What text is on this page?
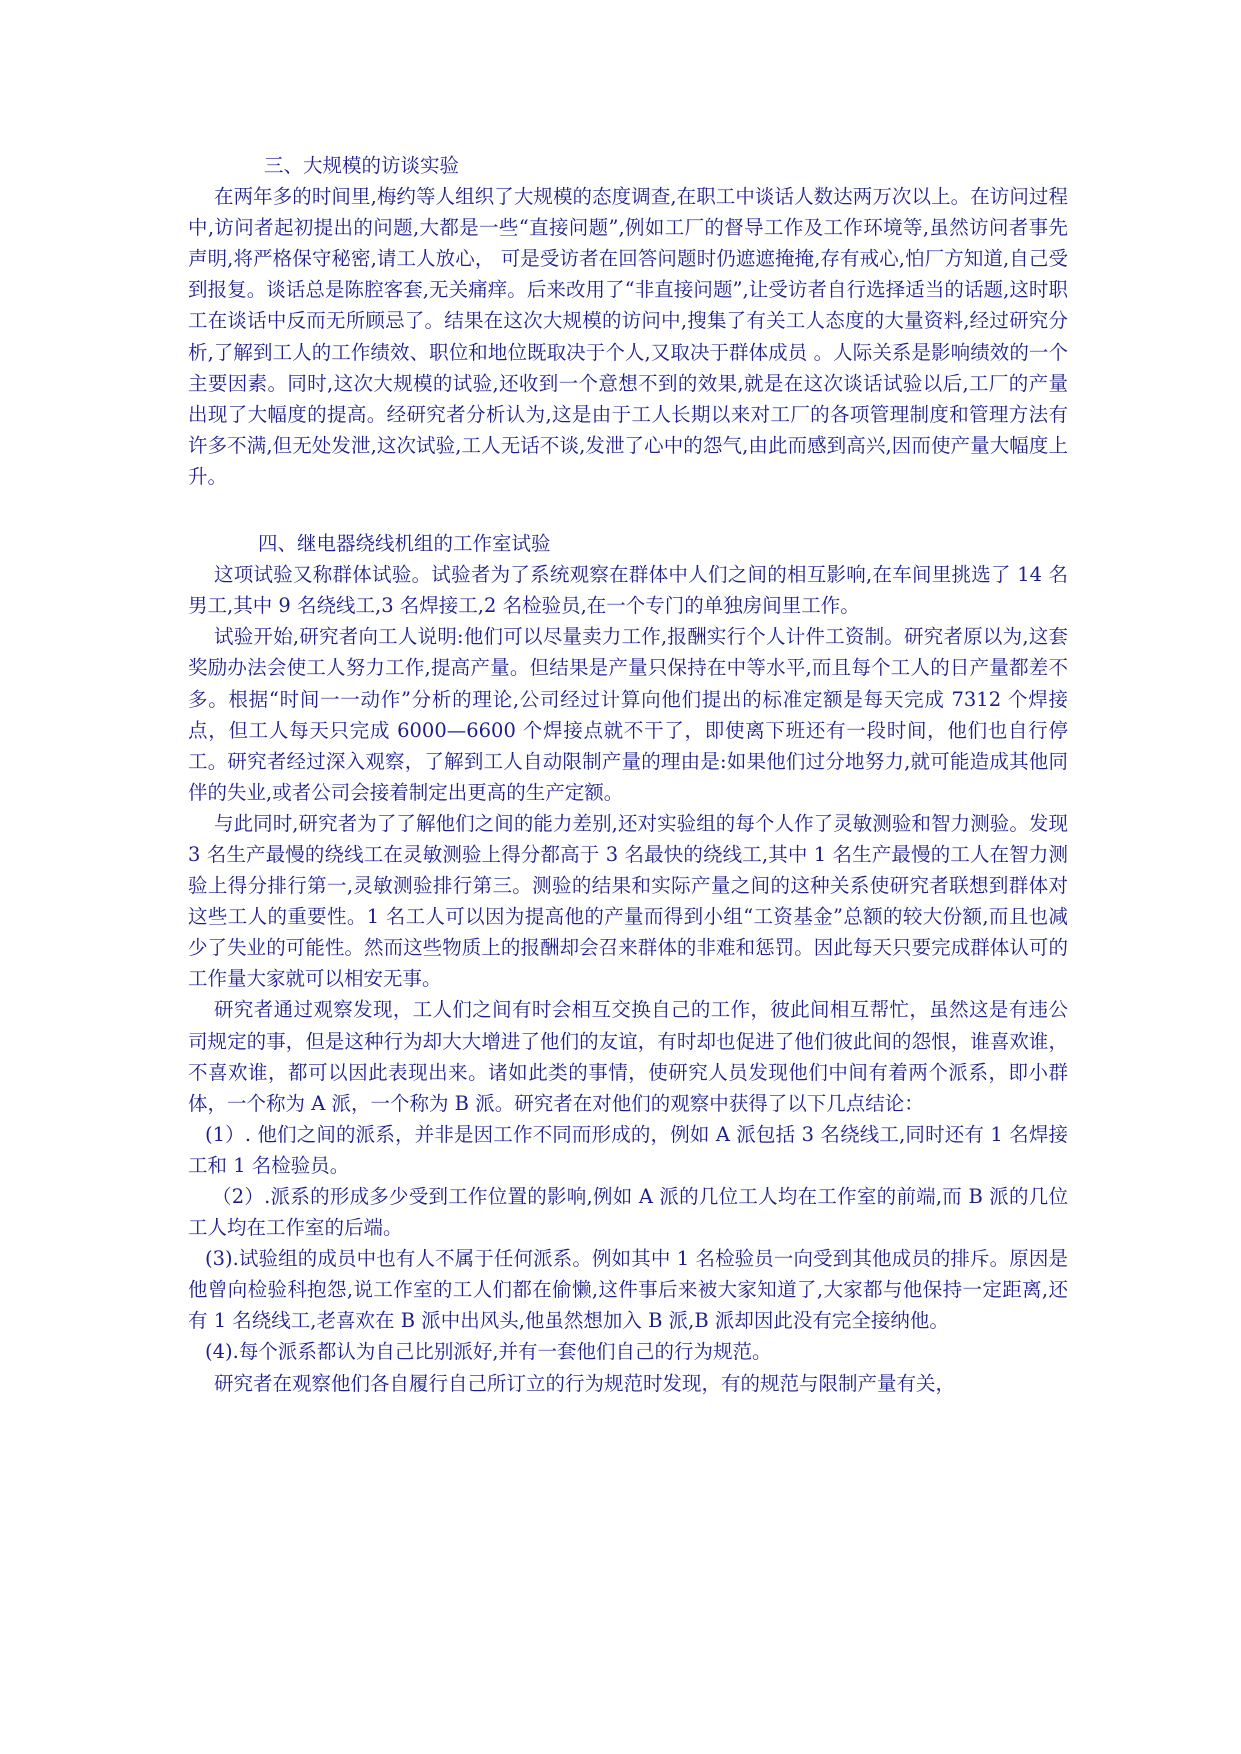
三、大规模的访谈实验

在两年多的时间里,梅约等人组织了大规模的态度调查,在职工中谈话人数达两万次以上。在访问过程中,访问者起初提出的问题,大都是一些“直接问题”,例如工厂的督导工作及工作环境等,虽然访问者事先声明,将严格保守秘密,请工人放心， 可是受访者在回答问题时仍遮遮掩掩,存有戒心,怕厂方知道,自己受到报复。谈话总是陈腔客套,无关痛痒。后来改用了“非直接问题”,让受访者自行选择适当的话题,这时职工在谈话中反而无所顾忌了。结果在这次大规模的访问中,搜集了有关工人态度的大量资料,经过研究分析,了解到工人的工作绩效、职位和地位既取决于个人,又取决于群体成员 。人际关系是影响绩效的一个主要因素。同时,这次大规模的试验,还收到一个意想不到的效果,就是在这次谈话试验以后,工厂的产量出现了大幅度的提高。经研究者分析认为,这是由于工人长期以来对工厂的各项管理制度和管理方法有许多不满,但无处发泄,这次试验,工人无话不谈,发泄了心中的怨气,由此而感到高兴,因而使产量大幅度上升。

四、继电器绕线机组的工作室试验

这项试验又称群体试验。试验者为了系统观察在群体中人们之间的相互影响,在车间里挑选了 14 名男工,其中 9 名绕线工,3 名焊接工,2 名检验员,在一个专门的单独房间里工作。

试验开始,研究者向工人说明:他们可以尽量卖力工作,报酬实行个人计件工资制。研究者原以为,这套奖励办法会使工人努力工作,提高产量。但结果是产量只保持在中等水平,而且每个工人的日产量都差不多。根据“时间一一动作”分析的理论,公司经过计算向他们提出的标准定额是每天完成 7312 个焊接点，但工人每天只完成 6000—6600 个焊接点就不干了，即使离下班还有一段时间，他们也自行停工。研究者经过深入观察，了解到工人自动限制产量的理由是:如果他们过分地努力,就可能造成其他同伴的失业,或者公司会接着制定出更高的生产定额。

与此同时,研究者为了了解他们之间的能力差别,还对实验组的每个人作了灵敏测验和智力测验。发现 3 名生产最慢的绕线工在灵敏测验上得分都高于 3 名最快的绕线工,其中 1 名生产最慢的工人在智力测验上得分排行第一,灵敏测验排行第三。测验的结果和实际产量之间的这种关系使研究者联想到群体对这些工人的重要性。1 名工人可以因为提高他的产量而得到小组“工资基金”总额的较大份额,而且也减少了失业的可能性。然而这些物质上的报酬却会召来群体的非难和惩罚。因此每天只要完成群体认可的工作量大家就可以相安无事。

研究者通过观察发现，工人们之间有时会相互交换自己的工作，彼此间相互帮忙，虽然这是有违公司规定的事，但是这种行为却大大增进了他们的友谊，有时却也促进了他们彼此间的怨恨，谁喜欢谁，不喜欢谁，都可以因此表现出来。诸如此类的事情，使研究人员发现他们中间有着两个派系，即小群体，一个称为 A 派，一个称为 B 派。研究者在对他们的观察中获得了以下几点结论：

(1）. 他们之间的派系，并非是因工作不同而形成的，例如 A 派包括 3 名绕线工,同时还有 1 名焊接工和 1 名检验员。

（2）.派系的形成多少受到工作位置的影响,例如 A 派的几位工人均在工作室的前端,而 B 派的几位工人均在工作室的后端。

(3).试验组的成员中也有人不属于任何派系。例如其中 1 名检验员一向受到其他成员的排斥。原因是他曾向检验科抱怨,说工作室的工人们都在偷懒,这件事后来被大家知道了,大家都与他保持一定距离,还有 1 名绕线工,老喜欢在 B 派中出风头,他虽然想加入 B 派,B 派却因此没有完全接纳他。

(4).每个派系都认为自己比别派好,并有一套他们自己的行为规范。

研究者在观察他们各自履行自己所订立的行为规范时发现，有的规范与限制产量有关，
